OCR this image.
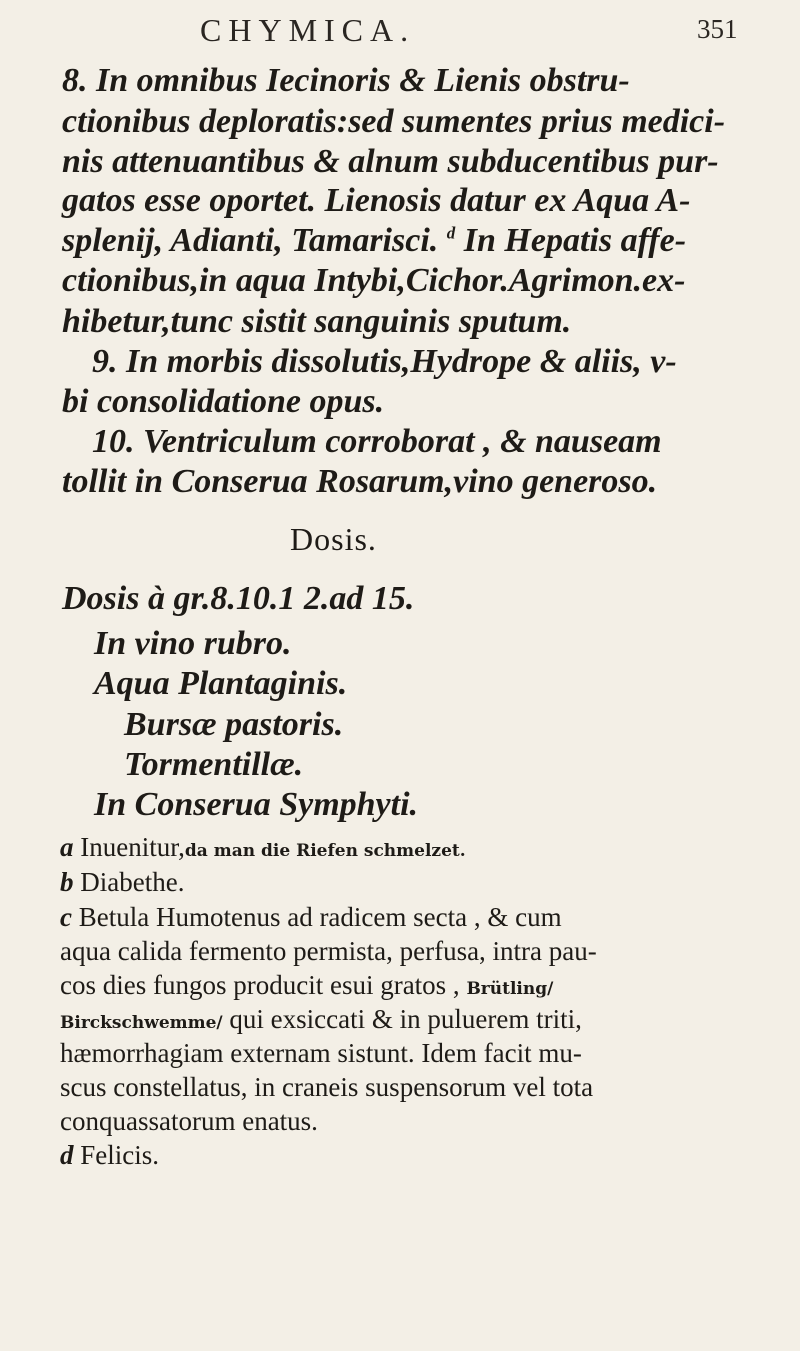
CHYMICA.	351
8. In omnibus Iecinoris & Lienis obstru-
ctionibus deploratis:sed sumentes prius medici-
nis attenuantibus & alnum subducentibus pur-
gatos esse oportet. Lienosis datur ex Aqua A-
splenij, Adianti, Tamarisci. $^d$ In Hepatis affe-
ctionibus,in aqua Intybi,Cichor.Agrimon.ex-
hibetur,tunc sistit sanguinis sputum.
9. In morbis dissolutis,Hydrope & aliis, v-
bi consolidatione opus.
10. Ventriculum corroborat , & nauseam
tollit in Conserua Rosarum,vino generoso.
Dosis.
Dosis à gr.8.10.1 2.ad 15.
In vino rubro.
Aqua Plantaginis.
Bursæ pastoris.
Tormentillæ.
In Conserua Symphyti.
a Inuenitur,da man die Riefen schmelzet.
b Diabethe.
c Betula Humotenus ad radicem secta , & cum
aqua calida fermento permista, perfusa, intra pau-
cos dies fungos producit esui gratos , Brütling/
Birckschwemme/ qui exsiccati & in puluerem triti,
hæmorrhagiam externam sistunt. Idem facit mu-
scus constellatus, in craneis suspensorum vel tota
conquassatorum enatus.
d Felicis.
